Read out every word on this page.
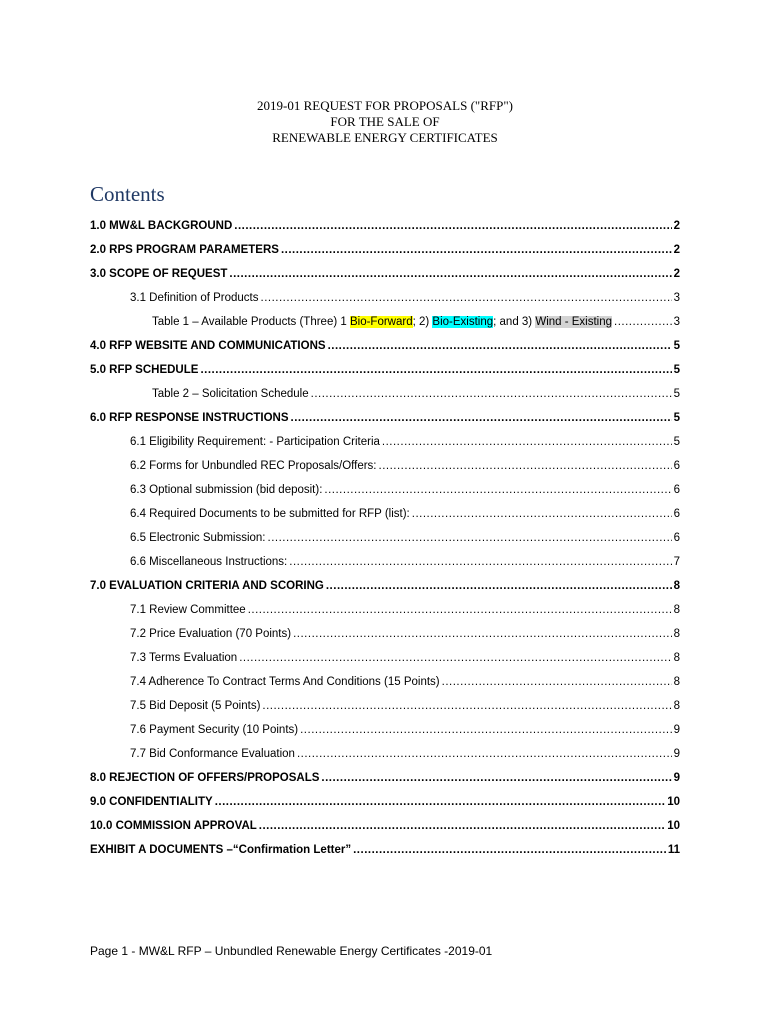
2019-01 REQUEST FOR PROPOSALS ("RFP")
FOR THE SALE OF
RENEWABLE ENERGY CERTIFICATES
Contents
1.0 MW&L BACKGROUND .....	2
2.0 RPS PROGRAM PARAMETERS .....	2
3.0 SCOPE OF REQUEST .....	2
3.1 Definition of Products .....	3
Table 1 – Available Products (Three) 1 Bio-Forward; 2) Bio-Existing; and 3) Wind - Existing .....	3
4.0 RFP WEBSITE AND COMMUNICATIONS .....	5
5.0 RFP SCHEDULE .....	5
Table 2 – Solicitation Schedule .....	5
6.0 RFP RESPONSE INSTRUCTIONS .....	5
6.1 Eligibility Requirement: - Participation Criteria .....	5
6.2 Forms for Unbundled REC Proposals/Offers: .....	6
6.3 Optional submission (bid deposit): .....	6
6.4 Required Documents to be submitted for RFP (list): .....	6
6.5 Electronic Submission: .....	6
6.6 Miscellaneous Instructions: .....	7
7.0 EVALUATION CRITERIA AND SCORING .....	8
7.1 Review Committee .....	8
7.2 Price Evaluation (70 Points) .....	8
7.3 Terms Evaluation .....	8
7.4 Adherence To Contract Terms And Conditions (15 Points) .....	8
7.5 Bid Deposit (5 Points) .....	8
7.6 Payment Security (10 Points) .....	9
7.7 Bid Conformance Evaluation .....	9
8.0 REJECTION OF OFFERS/PROPOSALS .....	9
9.0 CONFIDENTIALITY .....	10
10.0 COMMISSION APPROVAL .....	10
EXHIBIT A DOCUMENTS –“Confirmation Letter” .....	11
Page 1 - MW&L RFP – Unbundled Renewable Energy Certificates -2019-01
